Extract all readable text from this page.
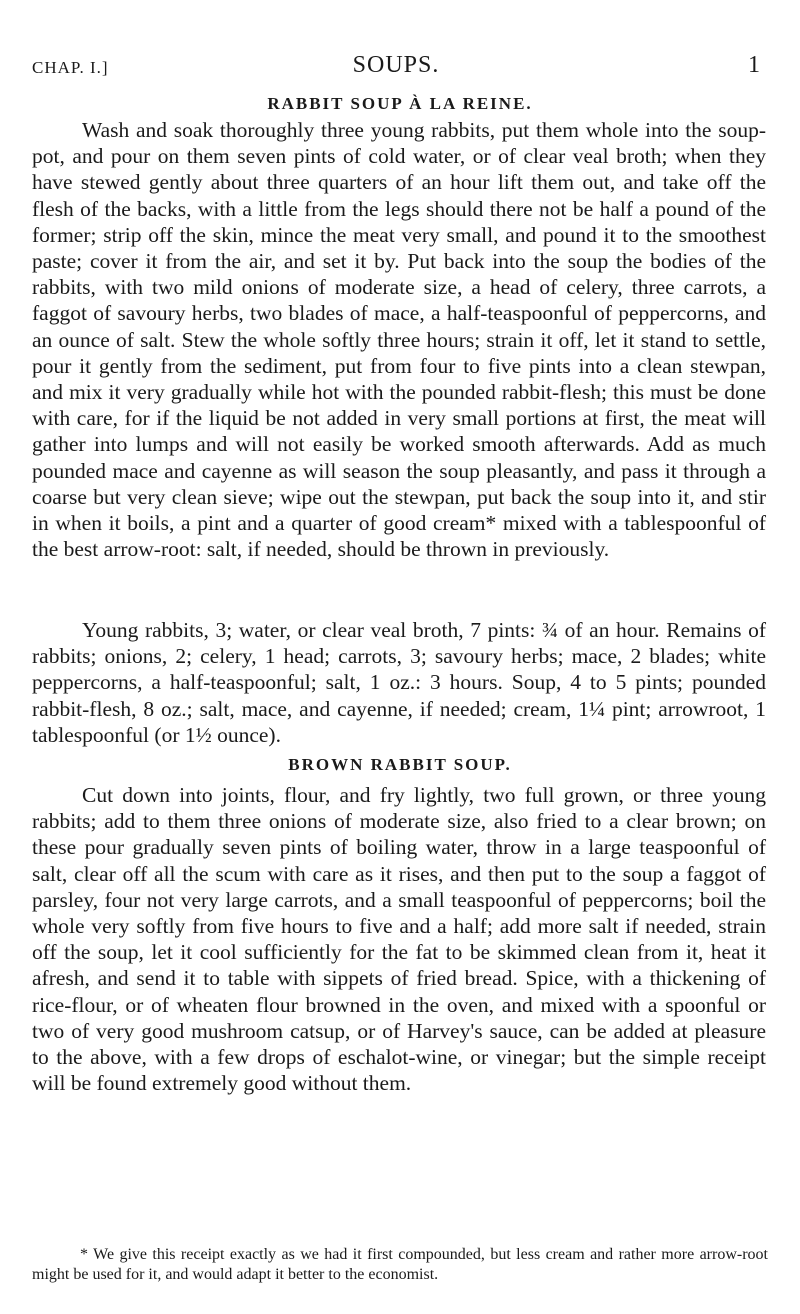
CHAP. I.]	SOUPS.	1
RABBIT SOUP À LA REINE.

Wash and soak thoroughly three young rabbits, put them whole into the soup-pot, and pour on them seven pints of cold water, or of clear veal broth; when they have stewed gently about three quarters of an hour lift them out, and take off the flesh of the backs, with a little from the legs should there not be half a pound of the former; strip off the skin, mince the meat very small, and pound it to the smoothest paste; cover it from the air, and set it by. Put back into the soup the bodies of the rabbits, with two mild onions of moderate size, a head of celery, three carrots, a faggot of savoury herbs, two blades of mace, a half-teaspoonful of peppercorns, and an ounce of salt. Stew the whole softly three hours; strain it off, let it stand to settle, pour it gently from the sediment, put from four to five pints into a clean stewpan, and mix it very gradually while hot with the pounded rabbit-flesh; this must be done with care, for if the liquid be not added in very small portions at first, the meat will gather into lumps and will not easily be worked smooth afterwards. Add as much pounded mace and cayenne as will season the soup pleasantly, and pass it through a coarse but very clean sieve; wipe out the stewpan, put back the soup into it, and stir in when it boils, a pint and a quarter of good cream* mixed with a tablespoonful of the best arrow-root: salt, if needed, should be thrown in previously.

Young rabbits, 3; water, or clear veal broth, 7 pints: ¾ of an hour. Remains of rabbits; onions, 2; celery, 1 head; carrots, 3; savoury herbs; mace, 2 blades; white peppercorns, a half-teaspoonful; salt, 1 oz.: 3 hours. Soup, 4 to 5 pints; pounded rabbit-flesh, 8 oz.; salt, mace, and cayenne, if needed; cream, 1¼ pint; arrowroot, 1 tablespoonful (or 1½ ounce).

BROWN RABBIT SOUP.

Cut down into joints, flour, and fry lightly, two full grown, or three young rabbits; add to them three onions of moderate size, also fried to a clear brown; on these pour gradually seven pints of boiling water, throw in a large teaspoonful of salt, clear off all the scum with care as it rises, and then put to the soup a faggot of parsley, four not very large carrots, and a small teaspoonful of peppercorns; boil the whole very softly from five hours to five and a half; add more salt if needed, strain off the soup, let it cool sufficiently for the fat to be skimmed clean from it, heat it afresh, and send it to table with sippets of fried bread. Spice, with a thickening of rice-flour, or of wheaten flour browned in the oven, and mixed with a spoonful or two of very good mushroom catsup, or of Harvey's sauce, can be added at pleasure to the above, with a few drops of eschalot-wine, or vinegar; but the simple receipt will be found extremely good without them.

* We give this receipt exactly as we had it first compounded, but less cream and rather more arrow-root might be used for it, and would adapt it better to the economist.
